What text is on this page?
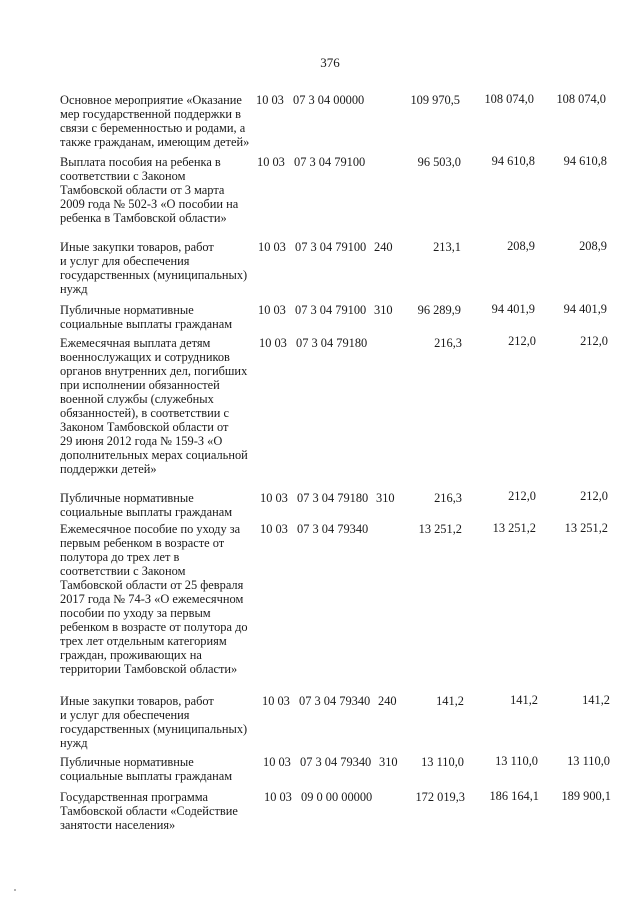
376
Основное мероприятие «Оказание
мер государственной поддержки в
связи с беременностью и родами, а
также гражданам, имеющим детей»
10 03 07 3 04 00000	109 970,5	108 074,0	108 074,0
Выплата пособия на ребенка в
соответствии с Законом
Тамбовской области от 3 марта
2009 года № 502-З «О пособии на
ребенка в Тамбовской области»
10 03 07 3 04 79100	96 503,0	94 610,8	94 610,8
Иные закупки товаров, работ
и услуг для обеспечения
государственных (муниципальных)
нужд
10 03 07 3 04 79100 240	213,1	208,9	208,9
Публичные нормативные
социальные выплаты гражданам
10 03 07 3 04 79100 310	96 289,9	94 401,9	94 401,9
Ежемесячная выплата детям
военнослужащих и сотрудников
органов внутренних дел, погибших
при исполнении обязанностей
военной службы (служебных
обязанностей), в соответствии с
Законом Тамбовской области от
29 июня 2012 года № 159-З «О
дополнительных мерах социальной
поддержки детей»
10 03 07 3 04 79180	216,3	212,0	212,0
Публичные нормативные
социальные выплаты гражданам
10 03 07 3 04 79180 310	216,3	212,0	212,0
Ежемесячное пособие по уходу за
первым ребенком в возрасте от
полутора до трех лет в
соответствии с Законом
Тамбовской области от 25 февраля
2017 года № 74-З «О ежемесячном
пособии по уходу за первым
ребенком в возрасте от полутора до
трех лет отдельным категориям
граждан, проживающих на
территории Тамбовской области»
10 03 07 3 04 79340	13 251,2	13 251,2	13 251,2
Иные закупки товаров, работ
и услуг для обеспечения
государственных (муниципальных)
нужд
10 03 07 3 04 79340 240	141,2	141,2	141,2
Публичные нормативные
социальные выплаты гражданам
10 03 07 3 04 79340 310	13 110,0	13 110,0	13 110,0
Государственная программа
Тамбовской области «Содействие
занятости населения»
10 03 09 0 00 00000	172 019,3	186 164,1	189 900,1
